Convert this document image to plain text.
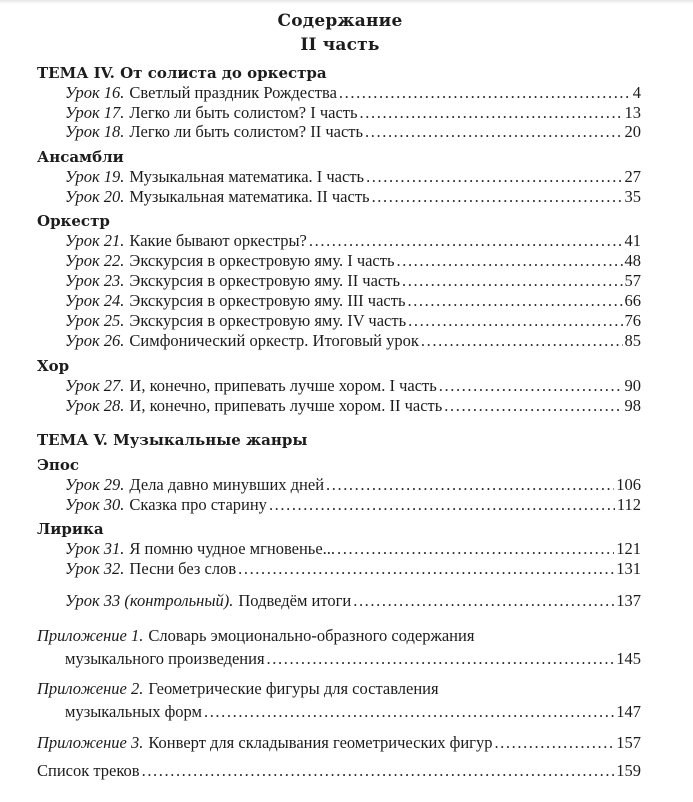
Содержание
II часть
ТЕМА IV. От солиста до оркестра
Урок 16. Светлый праздник Рождества .....	4
Урок 17. Легко ли быть солистом? I часть .....	13
Урок 18. Легко ли быть солистом? II часть .....	20
Ансамбли
Урок 19. Музыкальная математика. I часть .....	27
Урок 20. Музыкальная математика. II часть .....	35
Оркестр
Урок 21. Какие бывают оркестры? .....	41
Урок 22. Экскурсия в оркестровую яму. I часть .....	48
Урок 23. Экскурсия в оркестровую яму. II часть .....	57
Урок 24. Экскурсия в оркестровую яму. III часть .....	66
Урок 25. Экскурсия в оркестровую яму. IV часть .....	76
Урок 26. Симфонический оркестр. Итоговый урок .....	85
Хор
Урок 27. И, конечно, припевать лучше хором. I часть .....	90
Урок 28. И, конечно, припевать лучше хором. II часть .....	98
ТЕМА V. Музыкальные жанры
Эпос
Урок 29. Дела давно минувших дней .....	106
Урок 30. Сказка про старину .....	112
Лирика
Урок 31. Я помню чудное мгновенье... .....	121
Урок 32. Песни без слов .....	131
Урок 33 (контрольный). Подведём итоги .....	137
Приложение 1. Словарь эмоционально-образного содержания
музыкального произведения .....	145
Приложение 2. Геометрические фигуры для составления
музыкальных форм .....	147
Приложение 3. Конверт для складывания геометрических фигур .....	157
Список треков .....	159
